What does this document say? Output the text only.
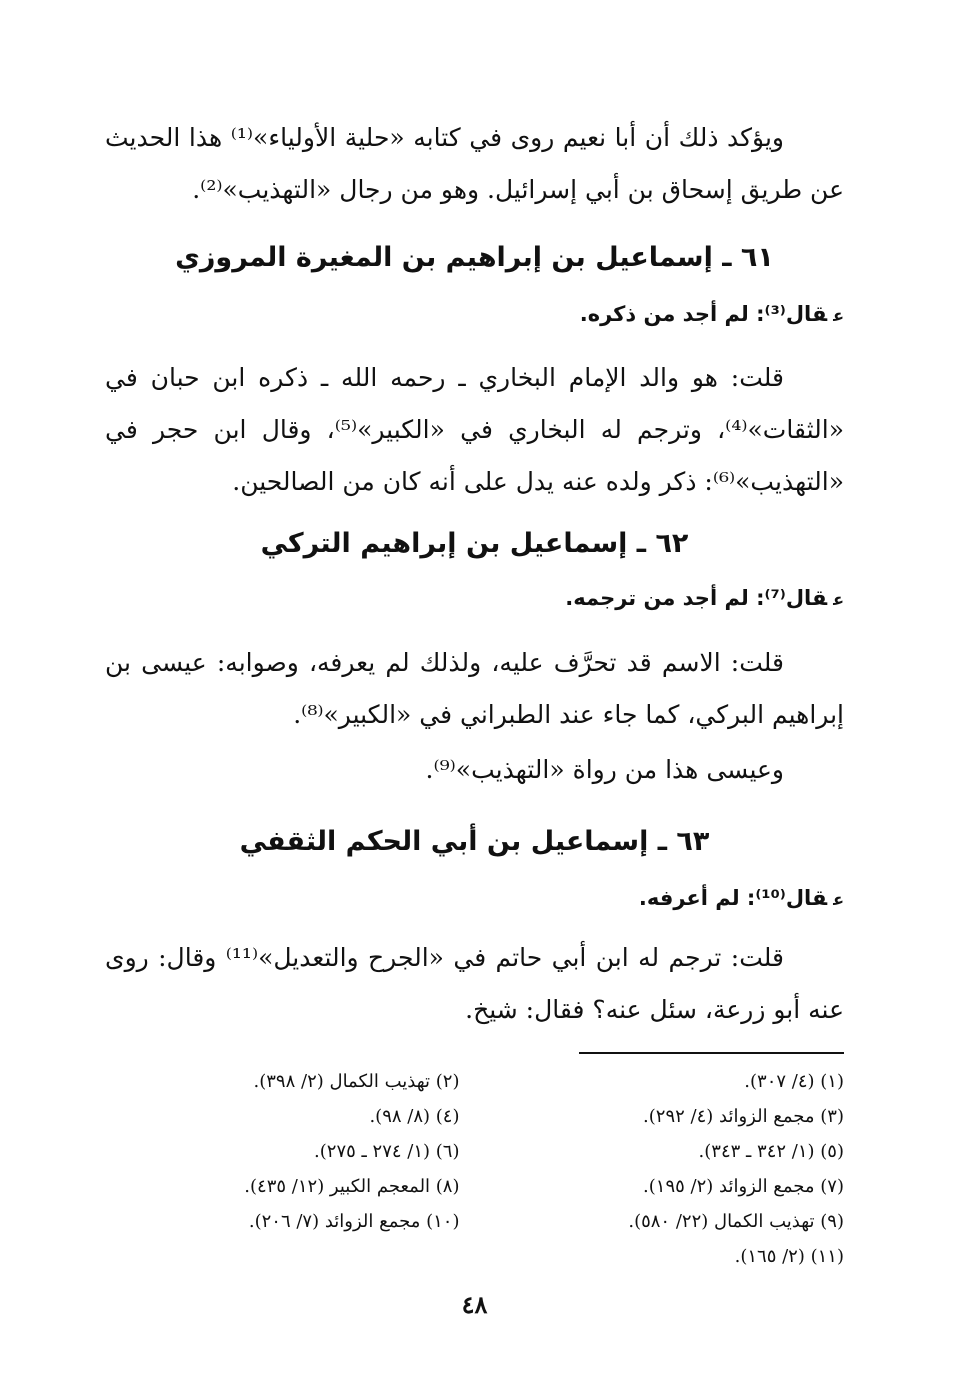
ويؤكد ذلك أن أبا نعيم روى في كتابه «حلية الأولياء»⁽¹⁾ هذا الحديث عن طريق إسحاق بن أبي إسرائيل. وهو من رجال «التهذيب»⁽²⁾.

٦١ ـ إسماعيل بن إبراهيم بن المغيرة المروزي
عقال⁽³⁾: لم أجد من ذكره.

قلت: هو والد الإمام البخاري ـ رحمه الله ـ ذكره ابن حبان في «الثقات»⁽⁴⁾، وترجم له البخاري في «الكبير»⁽⁵⁾، وقال ابن حجر في «التهذيب»⁽⁶⁾: ذكر ولده عنه يدل على أنه كان من الصالحين.

٦٢ ـ إسماعيل بن إبراهيم التركي
عقال⁽⁷⁾: لم أجد من ترجمه.

قلت: الاسم قد تحرَّف عليه، ولذلك لم يعرفه، وصوابه: عيسى بن إبراهيم البركي، كما جاء عند الطبراني في «الكبير»⁽⁸⁾.

وعيسى هذا من رواة «التهذيب»⁽⁹⁾.

٦٣ ـ إسماعيل بن أبي الحكم الثقفي
عقال⁽¹⁰⁾: لم أعرفه.

قلت: ترجم له ابن أبي حاتم في «الجرح والتعديل»⁽¹¹⁾ وقال: روى عنه أبو زرعة، سئل عنه؟ فقال: شيخ.

(١) (٤/ ٣٠٧).
(٢) تهذيب الكمال (٢/ ٣٩٨).
(٣) مجمع الزوائد (٤/ ٢٩٢).
(٤) (٨/ ٩٨).
(٥) (١/ ٣٤٢ ـ ٣٤٣).
(٦) (١/ ٢٧٤ ـ ٢٧٥).
(٧) مجمع الزوائد (٢/ ١٩٥).
(٨) المعجم الكبير (١٢/ ٤٣٥).
(٩) تهذيب الكمال (٢٢/ ٥٨٠).
(١٠) مجمع الزوائد (٧/ ٢٠٦).
(١١) (٢/ ١٦٥).
٤٨
